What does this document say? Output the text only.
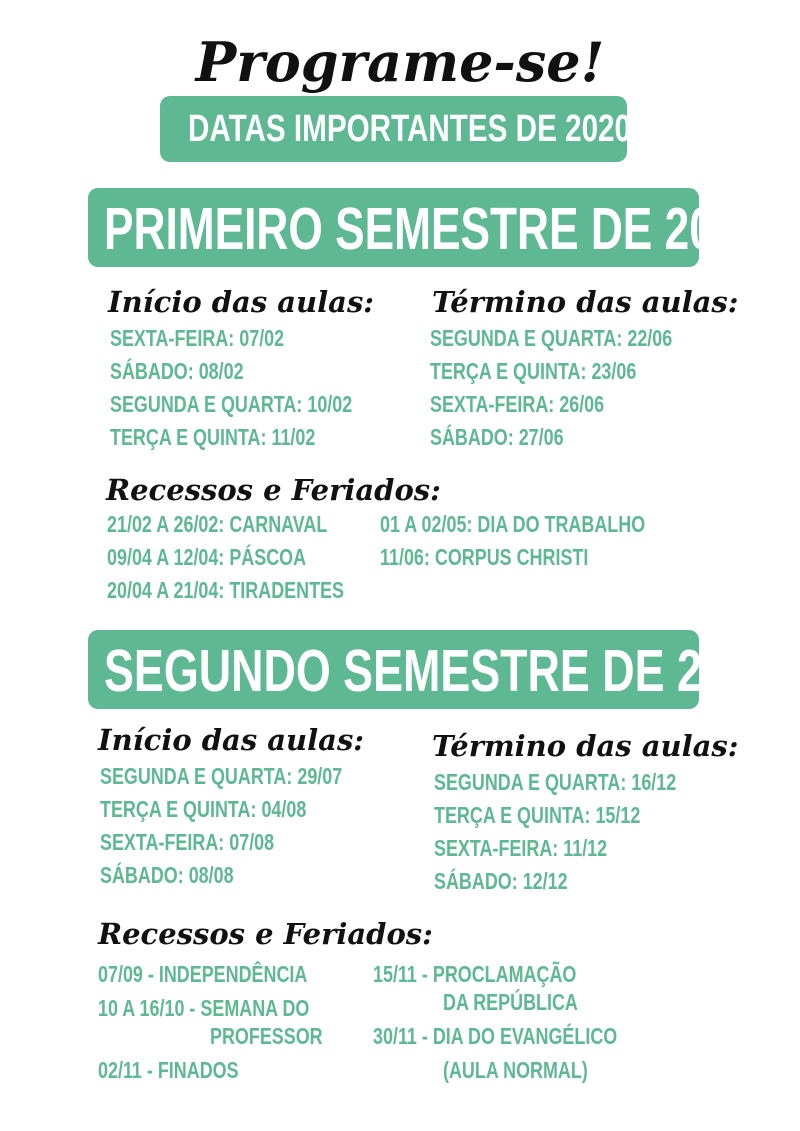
Programe-se!
DATAS IMPORTANTES DE 2020
PRIMEIRO SEMESTRE DE 2020:
Início das aulas:
SEXTA-FEIRA: 07/02
SÁBADO: 08/02
SEGUNDA E QUARTA: 10/02
TERÇA E QUINTA: 11/02
Término das aulas:
SEGUNDA E QUARTA: 22/06
TERÇA E QUINTA: 23/06
SEXTA-FEIRA: 26/06
SÁBADO: 27/06
Recessos e Feriados:
21/02 A 26/02: CARNAVAL
09/04 A 12/04: PÁSCOA
20/04 A 21/04: TIRADENTES
01 A 02/05: DIA DO TRABALHO
11/06: CORPUS CHRISTI
SEGUNDO SEMESTRE DE 2020:
Início das aulas:
SEGUNDA E QUARTA: 29/07
TERÇA E QUINTA: 04/08
SEXTA-FEIRA: 07/08
SÁBADO: 08/08
Término das aulas:
SEGUNDA E QUARTA: 16/12
TERÇA E QUINTA: 15/12
SEXTA-FEIRA: 11/12
SÁBADO: 12/12
Recessos e Feriados:
07/09 - INDEPENDÊNCIA
10 A 16/10 - SEMANA DO
PROFESSOR
02/11 - FINADOS
15/11 - PROCLAMAÇÃO
DA REPÚBLICA
30/11 - DIA DO EVANGÉLICO
(AULA NORMAL)
